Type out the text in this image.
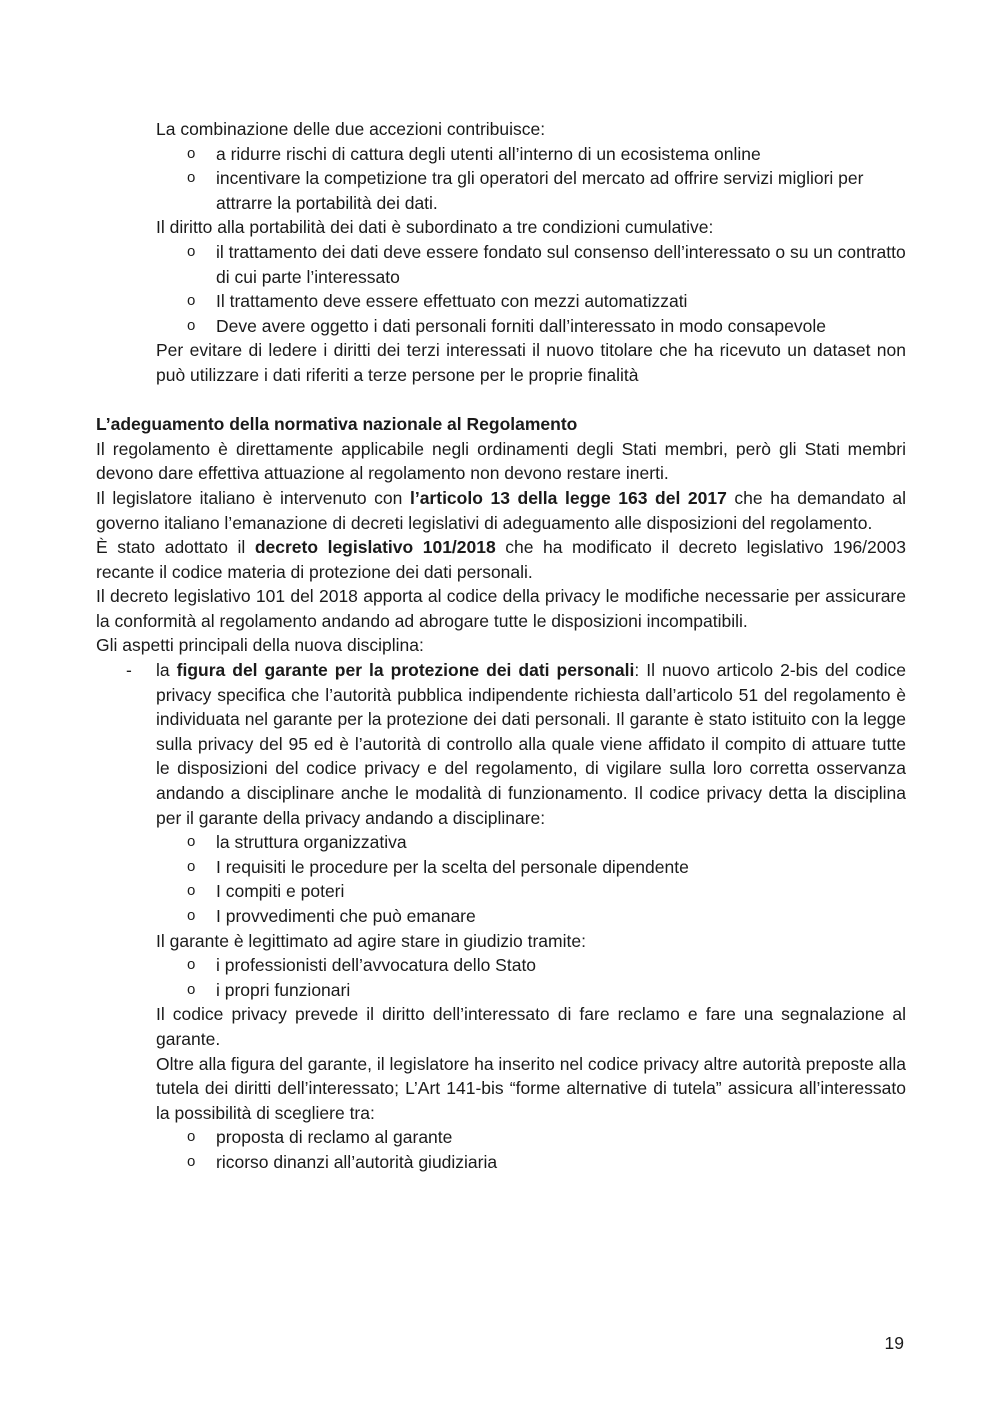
La combinazione delle due accezioni contribuisce:

o a ridurre rischi di cattura degli utenti all’interno di un ecosistema online

o incentivare la competizione tra gli operatori del mercato ad offrire servizi migliori per attrarre la portabilità dei dati.

Il diritto alla portabilità dei dati è subordinato a tre condizioni cumulative:

o il trattamento dei dati deve essere fondato sul consenso dell’interessato o su un contratto di cui parte l’interessato

o Il trattamento deve essere effettuato con mezzi automatizzati

o Deve avere oggetto i dati personali forniti dall’interessato in modo consapevole

Per evitare di ledere i diritti dei terzi interessati il nuovo titolare che ha ricevuto un dataset non può utilizzare i dati riferiti a terze persone per le proprie finalità

L’adeguamento della normativa nazionale al Regolamento

Il regolamento è direttamente applicabile negli ordinamenti degli Stati membri, però gli Stati membri devono dare effettiva attuazione al regolamento non devono restare inerti.

Il legislatore italiano è intervenuto con l’articolo 13 della legge 163 del 2017 che ha demandato al governo italiano l’emanazione di decreti legislativi di adeguamento alle disposizioni del regolamento.

È stato adottato il decreto legislativo 101/2018 che ha modificato il decreto legislativo 196/2003 recante il codice materia di protezione dei dati personali.

Il decreto legislativo 101 del 2018 apporta al codice della privacy le modifiche necessarie per assicurare la conformità al regolamento andando ad abrogare tutte le disposizioni incompatibili.

Gli aspetti principali della nuova disciplina:

- la figura del garante per la protezione dei dati personali: Il nuovo articolo 2-bis del codice privacy specifica che l’autorità pubblica indipendente richiesta dall’articolo 51 del regolamento è individuata nel garante per la protezione dei dati personali. Il garante è stato istituito con la legge sulla privacy del 95 ed è l’autorità di controllo alla quale viene affidato il compito di attuare tutte le disposizioni del codice privacy e del regolamento, di vigilare sulla loro corretta osservanza andando a disciplinare anche le modalità di funzionamento. Il codice privacy detta la disciplina per il garante della privacy andando a disciplinare:

o la struttura organizzativa

o I requisiti le procedure per la scelta del personale dipendente

o I compiti e poteri

o I provvedimenti che può emanare

Il garante è legittimato ad agire stare in giudizio tramite:

o i professionisti dell’avvocatura dello Stato

o i propri funzionari

Il codice privacy prevede il diritto dell’interessato di fare reclamo e fare una segnalazione al garante.

Oltre alla figura del garante, il legislatore ha inserito nel codice privacy altre autorità preposte alla tutela dei diritti dell’interessato; L’Art 141-bis “forme alternative di tutela” assicura all’interessato la possibilità di scegliere tra:

o proposta di reclamo al garante

o ricorso dinanzi all’autorità giudiziaria

19
